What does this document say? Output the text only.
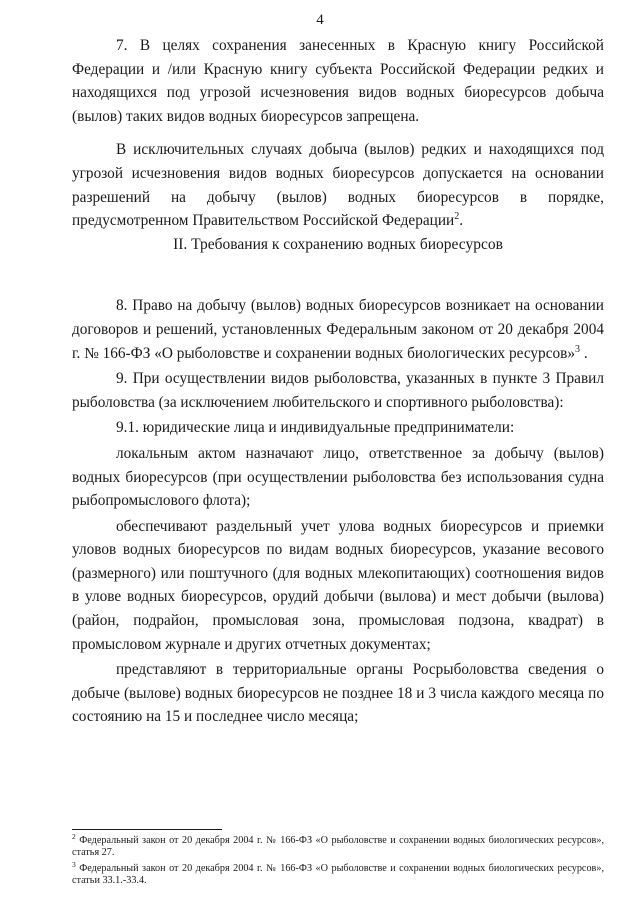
4

7. В целях сохранения занесенных в Красную книгу Российской Федерации и /или Красную книгу субъекта Российской Федерации редких и находящихся под угрозой исчезновения видов водных биоресурсов добыча (вылов) таких видов водных биоресурсов запрещена.

В исключительных случаях добыча (вылов) редких и находящихся под угрозой исчезновения видов водных биоресурсов допускается на основании разрешений на добычу (вылов) водных биоресурсов в порядке, предусмотренном Правительством Российской Федерации$^2$.

II. Требования к сохранению водных биоресурсов

8. Право на добычу (вылов) водных биоресурсов возникает на основании договоров и решений, установленных Федеральным законом от 20 декабря 2004 г. № 166-ФЗ «О рыболовстве и сохранении водных биологических ресурсов»$^3$ .

9. При осуществлении видов рыболовства, указанных в пункте 3 Правил рыболовства (за исключением любительского и спортивного рыболовства):

9.1. юридические лица и индивидуальные предприниматели:

локальным актом назначают лицо, ответственное за добычу (вылов) водных биоресурсов (при осуществлении рыболовства без использования судна рыбопромыслового флота);

обеспечивают раздельный учет улова водных биоресурсов и приемки уловов водных биоресурсов по видам водных биоресурсов, указание весового (размерного) или поштучного (для водных млекопитающих) соотношения видов в улове водных биоресурсов, орудий добычи (вылова) и мест добычи (вылова) (район, подрайон, промысловая зона, промысловая подзона, квадрат) в промысловом журнале и других отчетных документах;

представляют в территориальные органы Росрыболовства сведения о добыче (вылове) водных биоресурсов не позднее 18 и 3 числа каждого месяца по состоянию на 15 и последнее число месяца;

$^2$ Федеральный закон от 20 декабря 2004 г. № 166-ФЗ «О рыболовстве и сохранении водных биологических ресурсов», статья 27.

$^3$ Федеральный закон от 20 декабря 2004 г. № 166-ФЗ «О рыболовстве и сохранении водных биологических ресурсов», статьи 33.1.-33.4.
